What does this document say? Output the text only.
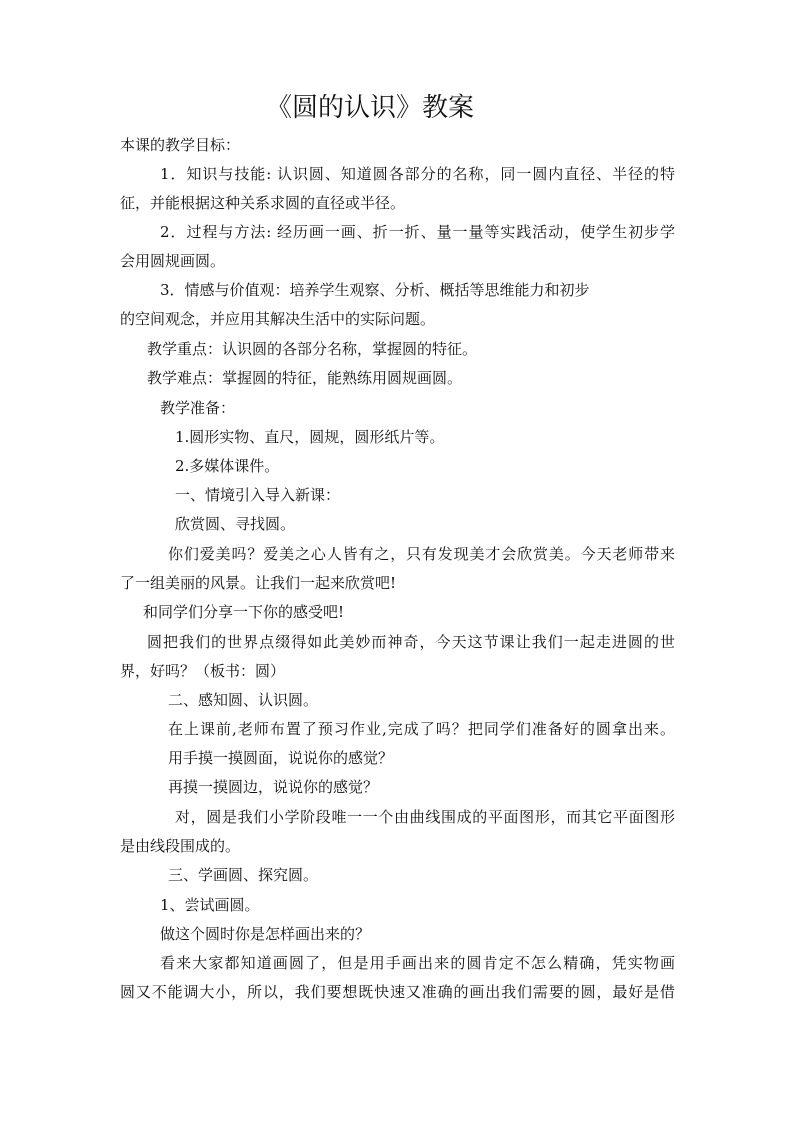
《圆的认识》教案
本课的教学目标：
1．知识与技能: 认识圆、知道圆各部分的名称，同一圆内直径、半径的特
征，并能根据这种关系求圆的直径或半径。
2．过程与方法: 经历画一画、折一折、量一量等实践活动，使学生初步学
会用圆规画圆。
3．情感与价值观：培养学生观察、分析、概括等思维能力和初步
的空间观念，并应用其解决生活中的实际问题。
教学重点：认识圆的各部分名称，掌握圆的特征。
教学难点：掌握圆的特征，能熟练用圆规画圆。
教学准备：
1.圆形实物、直尺，圆规，圆形纸片等。
2.多媒体课件。
一、情境引入导入新课：
欣赏圆、寻找圆。
你们爱美吗？爱美之心人皆有之，只有发现美才会欣赏美。今天老师带来
了一组美丽的风景。让我们一起来欣赏吧!
和同学们分享一下你的感受吧!
圆把我们的世界点缀得如此美妙而神奇，今天这节课让我们一起走进圆的世
界，好吗？（板书：圆）
二、感知圆、认识圆。
在上课前,老师布置了预习作业,完成了吗？把同学们准备好的圆拿出来。
用手摸一摸圆面，说说你的感觉？
再摸一摸圆边，说说你的感觉？
对，圆是我们小学阶段唯一一个由曲线围成的平面图形，而其它平面图形
是由线段围成的。
三、学画圆、探究圆。
1、尝试画圆。
做这个圆时你是怎样画出来的？
看来大家都知道画圆了，但是用手画出来的圆肯定不怎么精确，凭实物画
圆又不能调大小，所以，我们要想既快速又准确的画出我们需要的圆，最好是借
